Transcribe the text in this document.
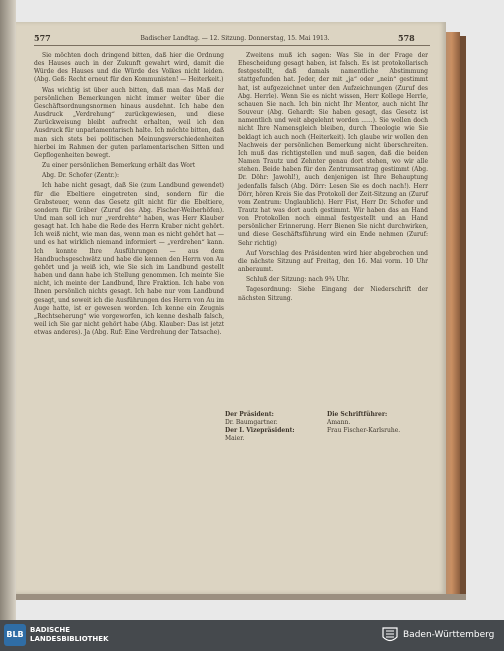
577	Badischer Landtag. — 12. Sitzung. Donnerstag, 15. Mai 1913.	578

Sie möchten doch dringend bitten, daß hier die Ordnung des Hauses auch in der Zukunft gewahrt wird, damit die Würde des Hauses und die Würde des Volkes nicht leiden. (Abg. Geß: Recht erneut für den Kommunisten! — Heiterkeit.)

Was wichtig ist über auch bitten, daß man das Maß der persönlichen Bemerkungen nicht immer weiter über die Geschäftsordnungsnormen hinaus ausdehnt. Ich habe den Ausdruck „Verdrehung“ zurückgewiesen, und diese Zurückweisung bleibt aufrecht erhalten, weil ich den Ausdruck für unparlamentarisch halte. Ich möchte bitten, daß man sich stets bei politischen Meinungsverschiedenheiten hierbei im Rahmen der guten parlamentarischen Sitten und Gepflogenheiten bewegt.

Zu einer persönlichen Bemerkung erhält das Wort

Abg. Dr. Schofer (Zentr.):

Ich habe nicht gesagt, daß Sie (zum Landbund gewendet) für die Ebeltiere eingetreten sind, sondern für die Grabsteuer, wenn das Gesetz gilt nicht für die Ebeltiere, sondern für Gräber (Zuruf des Abg. Fischer-Weiherhöfen). Und man soll ich nur „verdrehte“ haben, was Herr Klauber gesagt hat. Ich habe die Rede des Herrn Kraber nicht gehört. Ich weiß nicht, wie man das, wenn man es nicht gehört hat — und es hat wirklich niemand informiert — „verdrehen“ kann. Ich konnte Ihre Ausführungen — aus dem Handbuchsgeschwätz und habe die kennen den Herrn von Au gehört und ja weiß ich, wie Sie sich im Landbund gestellt haben und dann habe ich Stellung genommen. Ich meinte Sie nicht, ich meinte der Landbund, Ihre Fraktion. Ich habe von Ihnen persönlich nichts gesagt. Ich habe nur vom Landbund gesagt, und soweit ich die Ausführungen des Herrn von Au im Auge hatte, ist er gewesen worden. Ich kenne ein Zeugnis „Rechtseherung“ wie vorgeworfen, ich kenne deshalb falsch, weil ich Sie gar nicht gehört habe (Abg. Klauber: Das ist jetzt etwas anderes). Ja (Abg. Ruf: Eine Verdrehung der Tatsache).

Zweitens muß ich sagen: Was Sie in der Frage der Ehescheidung gesagt haben, ist falsch. Es ist protokollarisch festgestellt, daß damals namentliche Abstimmung stattgefunden hat. Jeder, der mit „ja“ oder „nein“ gestimmt hat, ist aufgezeichnet unter den Aufzeichnungen (Zuruf des Abg. Herrle). Wenn Sie es nicht wissen, Herr Kollege Herrle, schauen Sie nach. Ich bin nicht Ihr Mentor, auch nicht Ihr Souveur (Abg. Gehardt: Sie haben gesagt, das Gesetz ist namentlich und weit abgelehnt worden ......). Sie wollen doch nicht Ihre Namensgleich bleiben, durch Theologie wie Sie beklagt ich auch noch (Heiterkeit). Ich glaube wir wollen den Nachweis der persönlichen Bemerkung nicht überschreiten. Ich muß das richtigstellen und muß sagen, daß die beiden Namen Trautz und Zehnter genau dort stehen, wo wir alle stehen. Beide haben für den Zentrumsantrag gestimmt (Abg. Dr. Döhr: Jawohl!), auch denjenigen ist Ihre Behauptung jedenfalls falsch (Abg. Dörr: Lesen Sie es doch nach!). Herr Dörr, hören Kreis Sie das Protokoll der Zeit-Sitzung an (Zuruf vom Zentrum: Unglaublich). Herr Fist, Herr Dr. Schofer und Trautz hat was dort auch gestimmt. Wir haben das an Hand von Protokollen noch einmal festgestellt und an Hand persönlicher Erinnerung. Herr Bienen Sie nicht durchwirken, und diese Geschäftsführung wird ein Ende nehmen (Zuruf: Sehr richtig)

Auf Vorschlag des Präsidenten wird hier abgebrochen und die nächste Sitzung auf Freitag, den 16. Mai vorm. 10 Uhr anberaumt.

Schluß der Sitzung: nach 9¾ Uhr.

Tagesordnung: Siehe Eingang der Niederschrift der nächsten Sitzung.

Der Präsident:
Dr. Baumgartner.
Der I. Vizepräsident:
Maier.
Die Schriftführer:
Amann.
Frau Fischer-Karlsruhe.
BLB BADISCHE
LANDESBIBLIOTHEK	Baden-Württemberg
